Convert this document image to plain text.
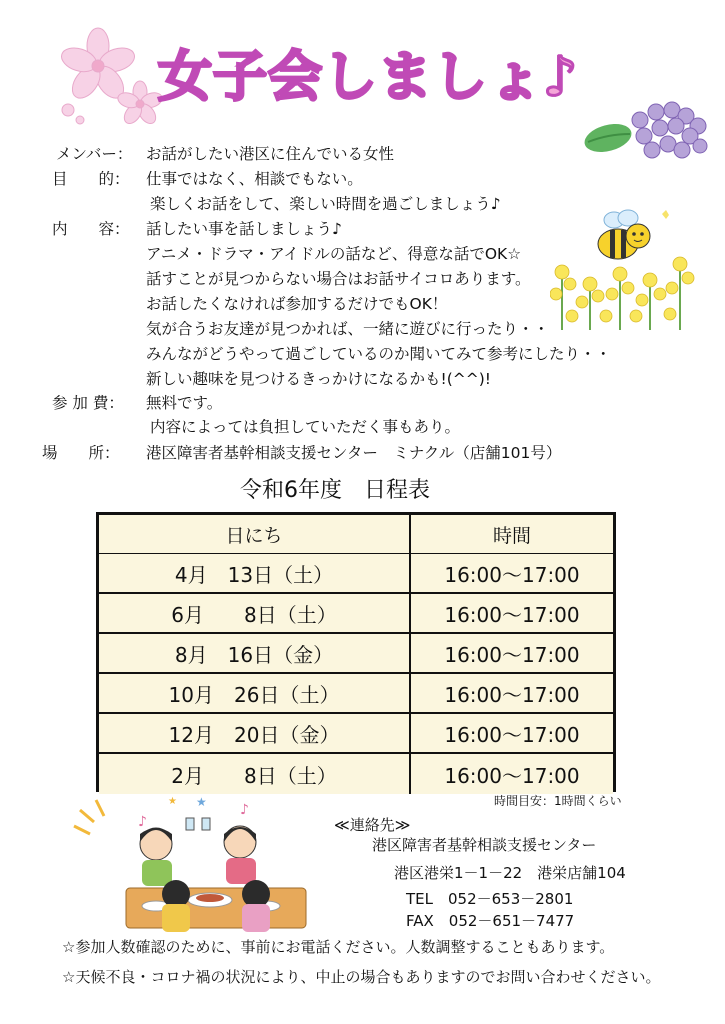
女子会しましょ♪
メンバー： お話がしたい港区に住んでいる女性
目　　的： 仕事ではなく、相談でもない。
楽しくお話をして、楽しい時間を過ごしましょう♪
内　　容： 話したい事を話しましょう♪
アニメ・ドラマ・アイドルの話など、得意な話でOK☆
話すことが見つからない場合はお話サイコロあります。
お話したくなければ参加するだけでもOK！
気が合うお友達が見つかれば、一緒に遊びに行ったり・・
みんながどうやって過ごしているのか聞いてみて参考にしたり・・
新しい趣味を見つけるきっかけになるかも!(^^)!
参 加 費： 無料です。
内容によっては負担していただく事もあり。
場　　所： 港区障害者基幹相談支援センター　ミナクル（店舗101号）
令和6年度　日程表
日にち	時間
4月　13日（土）	16:00～17:00
6月　　8日（土）	16:00～17:00
8月　16日（金）	16:00～17:00
10月　26日（土）	16:00～17:00
12月　20日（金）	16:00～17:00
2月　　8日（土）	16:00～17:00
時間目安：1時間くらい
♪
♪
★
★
≪連絡先≫
港区障害者基幹相談支援センター
港区港栄1－1－22　港栄店舗104
TEL　052－653－2801
FAX　052－651－7477
☆参加人数確認のために、事前にお電話ください。人数調整することもあります。
☆天候不良・コロナ禍の状況により、中止の場合もありますのでお問い合わせください。
